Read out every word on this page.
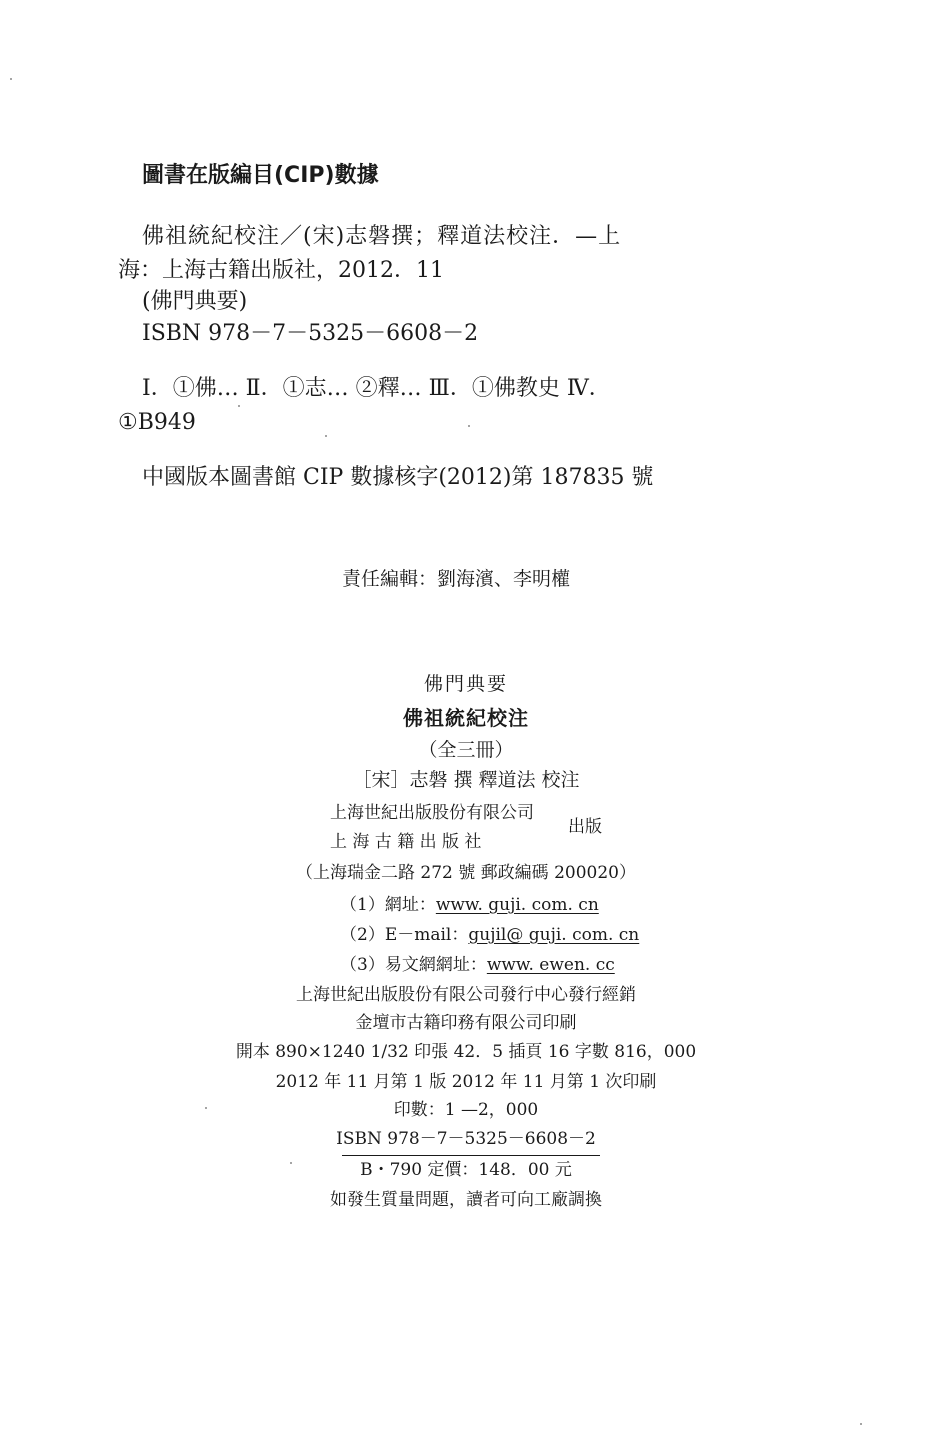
圖書在版編目(CIP)數據
佛祖統紀校注／(宋)志磐撰；釋道法校注．—上
海：上海古籍出版社，2012．11
(佛門典要)
ISBN 978－7－5325－6608－2
Ⅰ．①佛… Ⅱ．①志… ②釋… Ⅲ．①佛教史 Ⅳ．
①B949
中國版本圖書館 CIP 數據核字(2012)第 187835 號
責任編輯：劉海濱、李明權
佛門典要
佛祖統紀校注
（全三冊）
［宋］志磐 撰 釋道法 校注
上海世紀出版股份有限公司
上 海 古 籍 出 版 社
出版
（上海瑞金二路 272 號 郵政編碼 200020）
（1）網址：www. guji. com. cn
（2）E－mail：gujil@ guji. com. cn
（3）易文網網址：www. ewen. cc
上海世紀出版股份有限公司發行中心發行經銷
金壇市古籍印務有限公司印刷
開本 890×1240 1/32 印張 42．5 插頁 16 字數 816，000
2012 年 11 月第 1 版 2012 年 11 月第 1 次印刷
印數：1 —2，000
ISBN 978－7－5325－6608－2
B・790 定價：148．00 元
如發生質量問題，讀者可向工廠調換
